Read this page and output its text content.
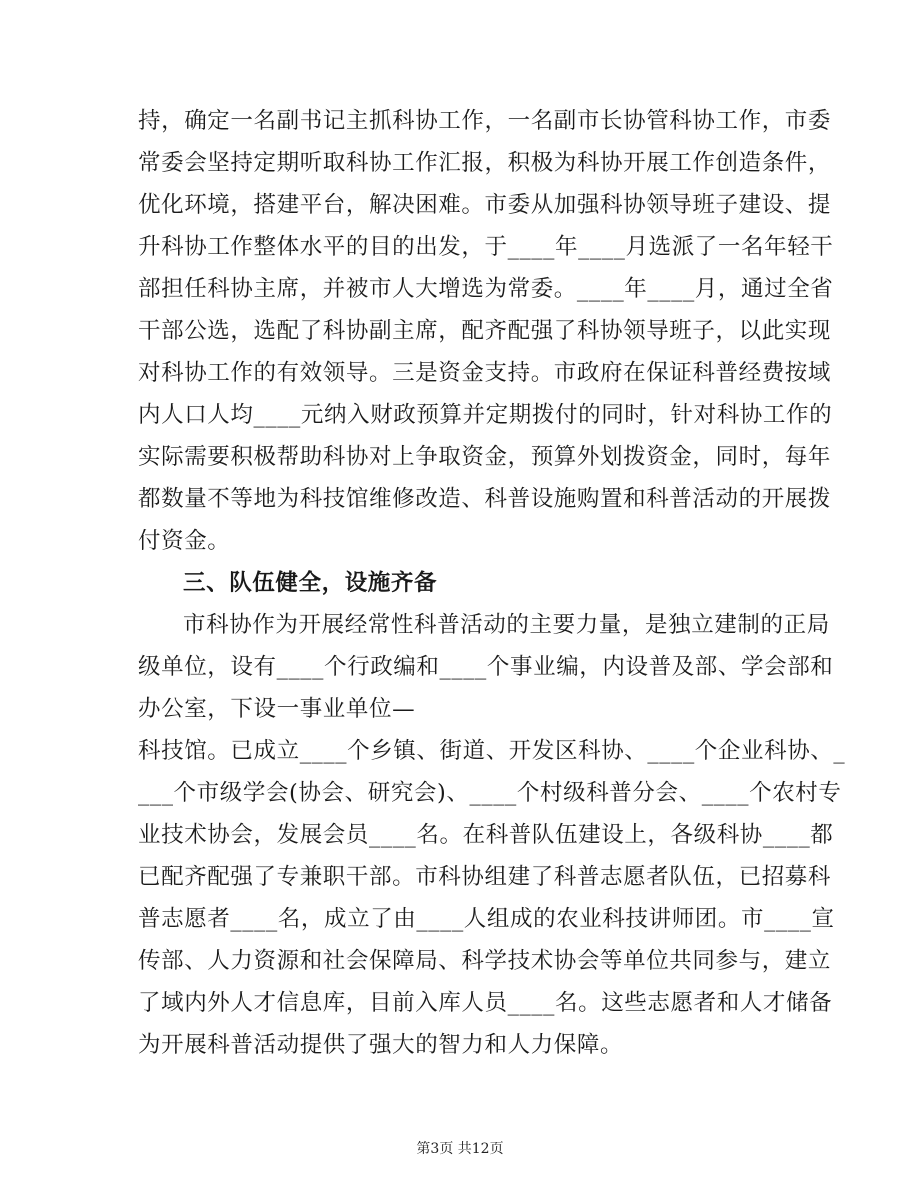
持，确定一名副书记主抓科协工作，一名副市长协管科协工作，市委
常委会坚持定期听取科协工作汇报，积极为科协开展工作创造条件，
优化环境，搭建平台，解决困难。市委从加强科协领导班子建设、提
升科协工作整体水平的目的出发，于____年____月选派了一名年轻干
部担任科协主席，并被市人大增选为常委。____年____月，通过全省
干部公选，选配了科协副主席，配齐配强了科协领导班子，以此实现
对科协工作的有效领导。三是资金支持。市政府在保证科普经费按域
内人口人均____元纳入财政预算并定期拨付的同时，针对科协工作的
实际需要积极帮助科协对上争取资金，预算外划拨资金，同时，每年
都数量不等地为科技馆维修改造、科普设施购置和科普活动的开展拨
付资金。
三、队伍健全，设施齐备
市科协作为开展经常性科普活动的主要力量，是独立建制的正局
级单位，设有____个行政编和____个事业编，内设普及部、学会部和
办公室，下设一事业单位—
科技馆。已成立____个乡镇、街道、开发区科协、____个企业科协、_
___个市级学会(协会、研究会)、____个村级科普分会、____个农村专
业技术协会，发展会员____名。在科普队伍建设上，各级科协____都
已配齐配强了专兼职干部。市科协组建了科普志愿者队伍，已招募科
普志愿者____名，成立了由____人组成的农业科技讲师团。市____宣
传部、人力资源和社会保障局、科学技术协会等单位共同参与，建立
了域内外人才信息库，目前入库人员____名。这些志愿者和人才储备
为开展科普活动提供了强大的智力和人力保障。
第3页 共12页
